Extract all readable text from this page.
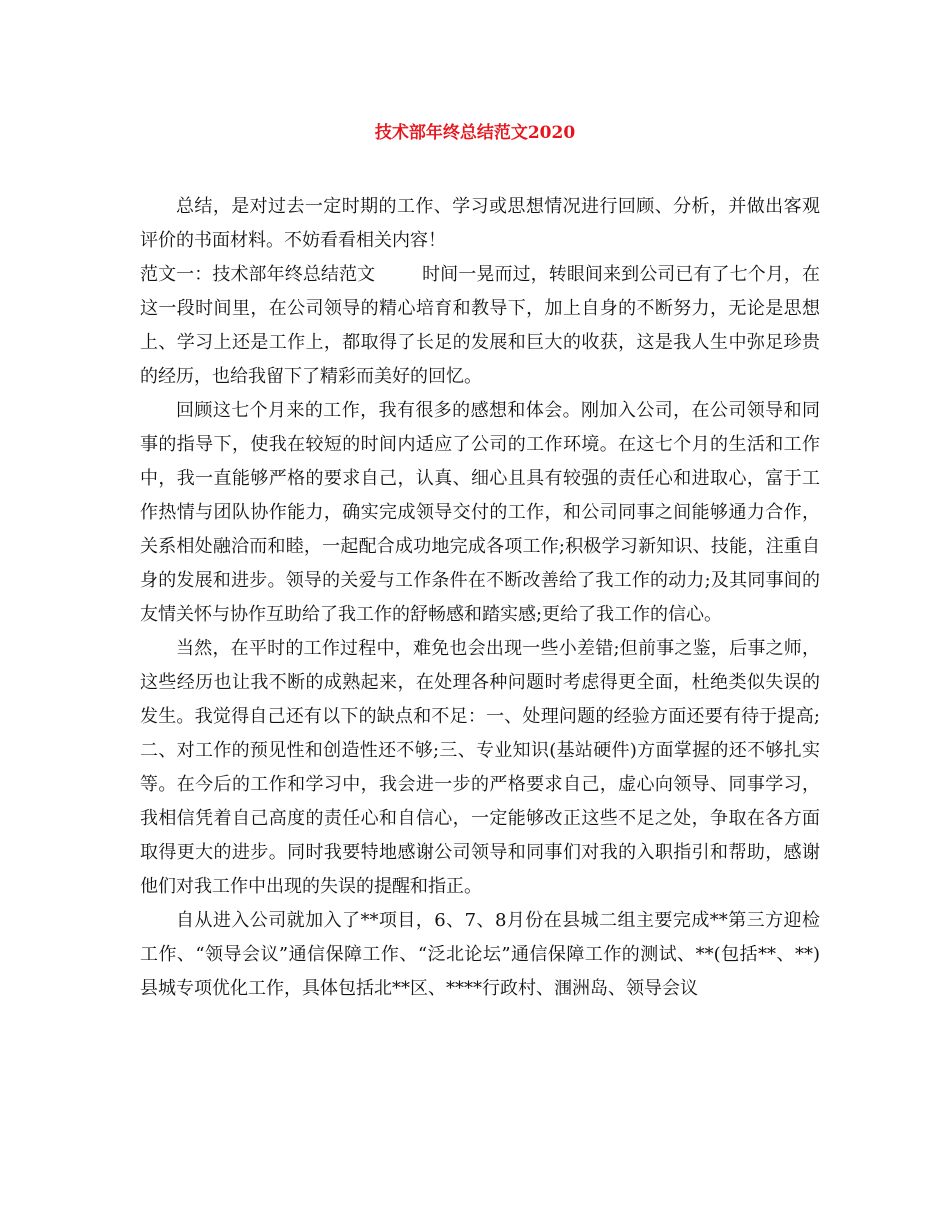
技术部年终总结范文2020

总结，是对过去一定时期的工作、学习或思想情况进行回顾、分析，并做出客观评价的书面材料。不妨看看相关内容！

范文一：技术部年终总结范文	时间一晃而过，转眼间来到公司已有了七个月，在这一段时间里，在公司领导的精心培育和教导下，加上自身的不断努力，无论是思想上、学习上还是工作上，都取得了长足的发展和巨大的收获，这是我人生中弥足珍贵的经历，也给我留下了精彩而美好的回忆。

回顾这七个月来的工作，我有很多的感想和体会。刚加入公司，在公司领导和同事的指导下，使我在较短的时间内适应了公司的工作环境。在这七个月的生活和工作中，我一直能够严格的要求自己，认真、细心且具有较强的责任心和进取心，富于工作热情与团队协作能力，确实完成领导交付的工作，和公司同事之间能够通力合作，关系相处融洽而和睦，一起配合成功地完成各项工作;积极学习新知识、技能，注重自身的发展和进步。领导的关爱与工作条件在不断改善给了我工作的动力;及其同事间的友情关怀与协作互助给了我工作的舒畅感和踏实感;更给了我工作的信心。

当然，在平时的工作过程中，难免也会出现一些小差错;但前事之鉴，后事之师，这些经历也让我不断的成熟起来，在处理各种问题时考虑得更全面，杜绝类似失误的发生。我觉得自己还有以下的缺点和不足：一、处理问题的经验方面还要有待于提高;二、对工作的预见性和创造性还不够;三、专业知识(基站硬件)方面掌握的还不够扎实等。在今后的工作和学习中，我会进一步的严格要求自己，虚心向领导、同事学习，我相信凭着自己高度的责任心和自信心，一定能够改正这些不足之处，争取在各方面取得更大的进步。同时我要特地感谢公司领导和同事们对我的入职指引和帮助，感谢他们对我工作中出现的失误的提醒和指正。

自从进入公司就加入了**项目，6、7、8月份在县城二组主要完成**第三方迎检工作、“领导会议”通信保障工作、“泛北论坛”通信保障工作的测试、**(包括**、**)县城专项优化工作，具体包括北**区、****行政村、涠洲岛、领导会议
